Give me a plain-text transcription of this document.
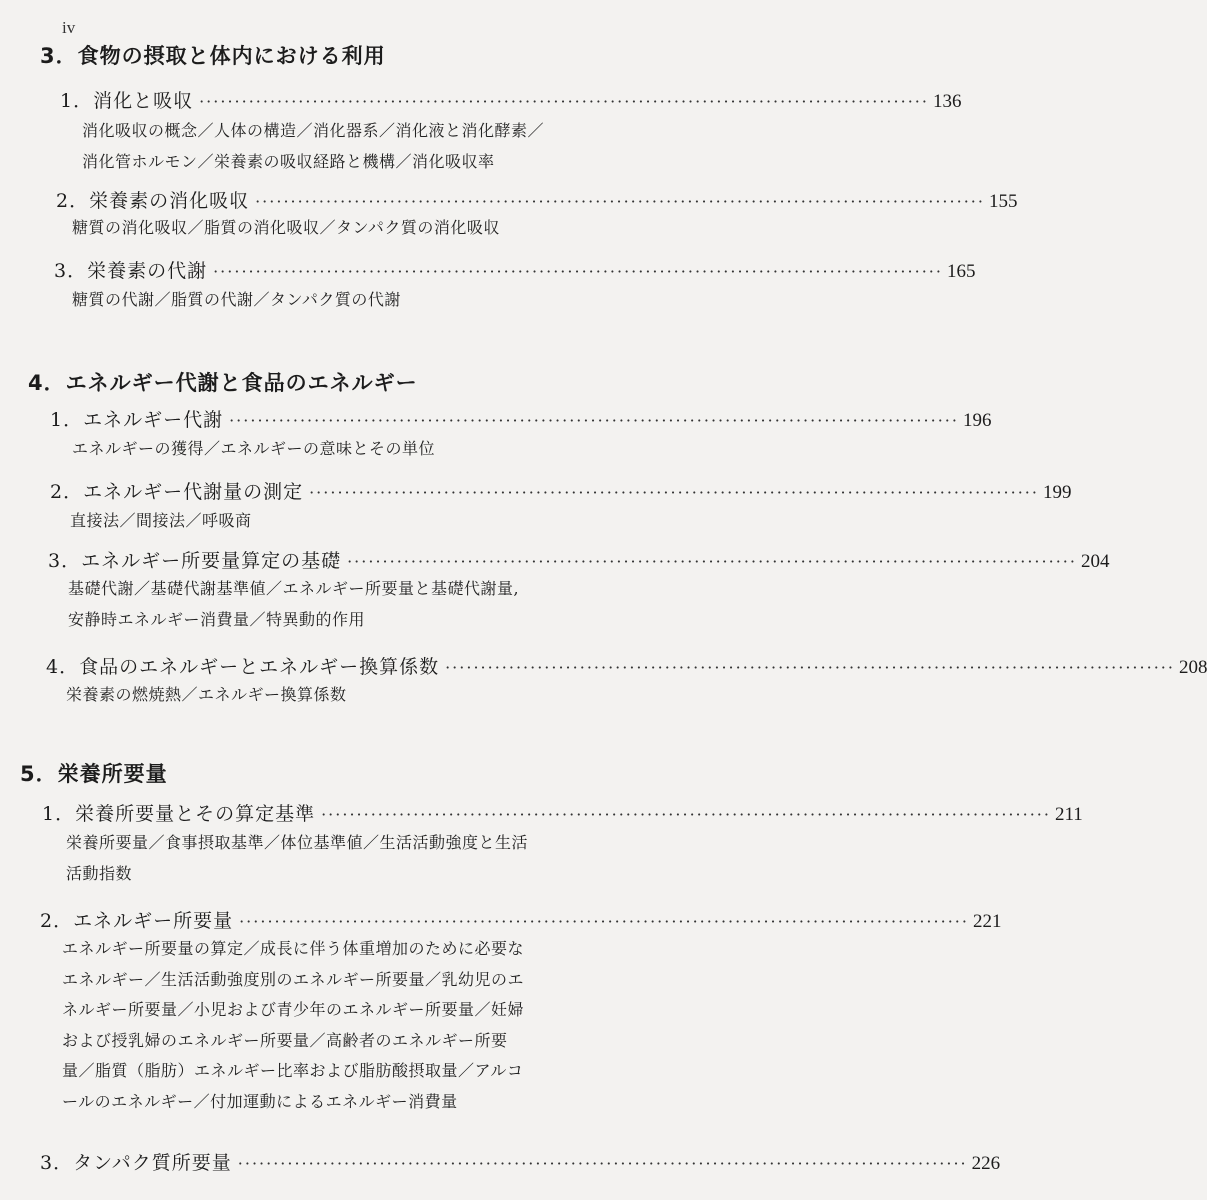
iv
3．食物の摂取と体内における利用
1．消化と吸収 ······································································································· 136
消化吸収の概念／人体の構造／消化器系／消化液と消化酵素／
消化管ホルモン／栄養素の吸収経路と機構／消化吸収率
2．栄養素の消化吸収 ······································································································· 155
糖質の消化吸収／脂質の消化吸収／タンパク質の消化吸収
3．栄養素の代謝 ······································································································· 165
糖質の代謝／脂質の代謝／タンパク質の代謝
4．エネルギー代謝と食品のエネルギー
1．エネルギー代謝 ······································································································· 196
エネルギーの獲得／エネルギーの意味とその単位
2．エネルギー代謝量の測定 ······································································································· 199
直接法／間接法／呼吸商
3．エネルギー所要量算定の基礎 ······································································································· 204
基礎代謝／基礎代謝基準値／エネルギー所要量と基礎代謝量,
安静時エネルギー消費量／特異動的作用
4．食品のエネルギーとエネルギー換算係数 ······································································································· 208
栄養素の燃焼熱／エネルギー換算係数
5．栄養所要量
1．栄養所要量とその算定基準 ······································································································· 211
栄養所要量／食事摂取基準／体位基準値／生活活動強度と生活
活動指数
2．エネルギー所要量 ······································································································· 221
エネルギー所要量の算定／成長に伴う体重増加のために必要な
エネルギー／生活活動強度別のエネルギー所要量／乳幼児のエ
ネルギー所要量／小児および青少年のエネルギー所要量／妊婦
および授乳婦のエネルギー所要量／高齢者のエネルギー所要
量／脂質（脂肪）エネルギー比率および脂肪酸摂取量／アルコ
ールのエネルギー／付加運動によるエネルギー消費量
3．タンパク質所要量 ······································································································· 226
